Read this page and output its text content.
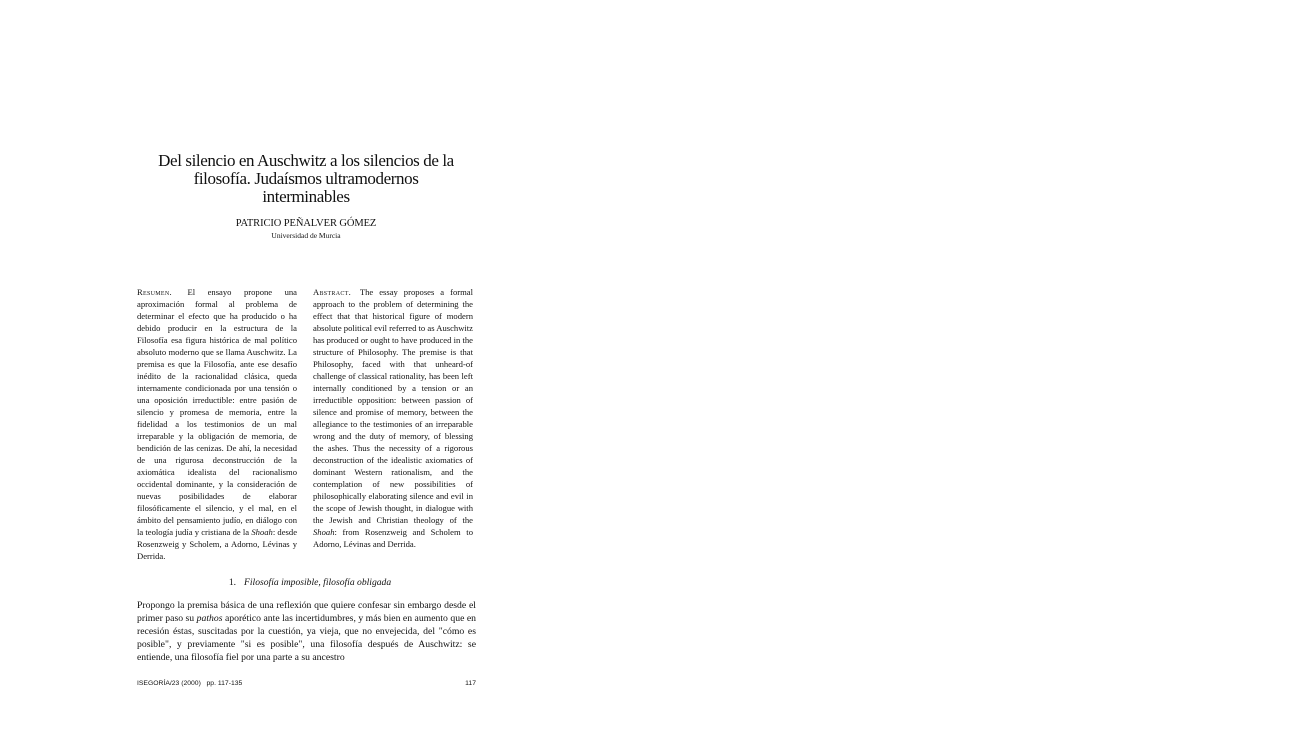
Del silencio en Auschwitz a los silencios de la
filosofía. Judaísmos ultramodernos
interminables
PATRICIO PEÑALVER GÓMEZ
Universidad de Murcia
Resumen. El ensayo propone una aproximación formal al problema de determinar el efecto que ha producido o ha debido producir en la estructura de la Filosofía esa figura histórica de mal político absoluto moderno que se llama Auschwitz. La premisa es que la Filosofía, ante ese desafío inédito de la racionalidad clásica, queda internamente condicionada por una tensión o una oposición irreductible: entre pasión de silencio y promesa de memoria, entre la fidelidad a los testimonios de un mal irreparable y la obligación de memoria, de bendición de las cenizas. De ahí, la necesidad de una rigurosa deconstrucción de la axiomática idealista del racionalismo occidental dominante, y la consideración de nuevas posibilidades de elaborar filosóficamente el silencio, y el mal, en el ámbito del pensamiento judío, en diálogo con la teología judía y cristiana de la Shoah: desde Rosenzweig y Scholem, a Adorno, Lévinas y Derrida.
Abstract. The essay proposes a formal approach to the problem of determining the effect that that historical figure of modern absolute political evil referred to as Auschwitz has produced or ought to have produced in the structure of Philosophy. The premise is that Philosophy, faced with that unheard-of challenge of classical rationality, has been left internally conditioned by a tension or an irreductible opposition: between passion of silence and promise of memory, between the allegiance to the testimonies of an irreparable wrong and the duty of memory, of blessing the ashes. Thus the necessity of a rigorous deconstruction of the idealistic axiomatics of dominant Western rationalism, and the contemplation of new possibilities of philosophically elaborating silence and evil in the scope of Jewish thought, in dialogue with the Jewish and Christian theology of the Shoah: from Rosenzweig and Scholem to Adorno, Lévinas and Derrida.
1. Filosofía imposible, filosofía obligada
Propongo la premisa básica de una reflexión que quiere confesar sin embargo desde el primer paso su pathos aporético ante las incertidumbres, y más bien en aumento que en recesión éstas, suscitadas por la cuestión, ya vieja, que no envejecida, del "cómo es posible", y previamente "si es posible", una filosofía después de Auschwitz: se entiende, una filosofía fiel por una parte a su ancestro
ISEGORÍA/23 (2000) pp. 117-135	117
